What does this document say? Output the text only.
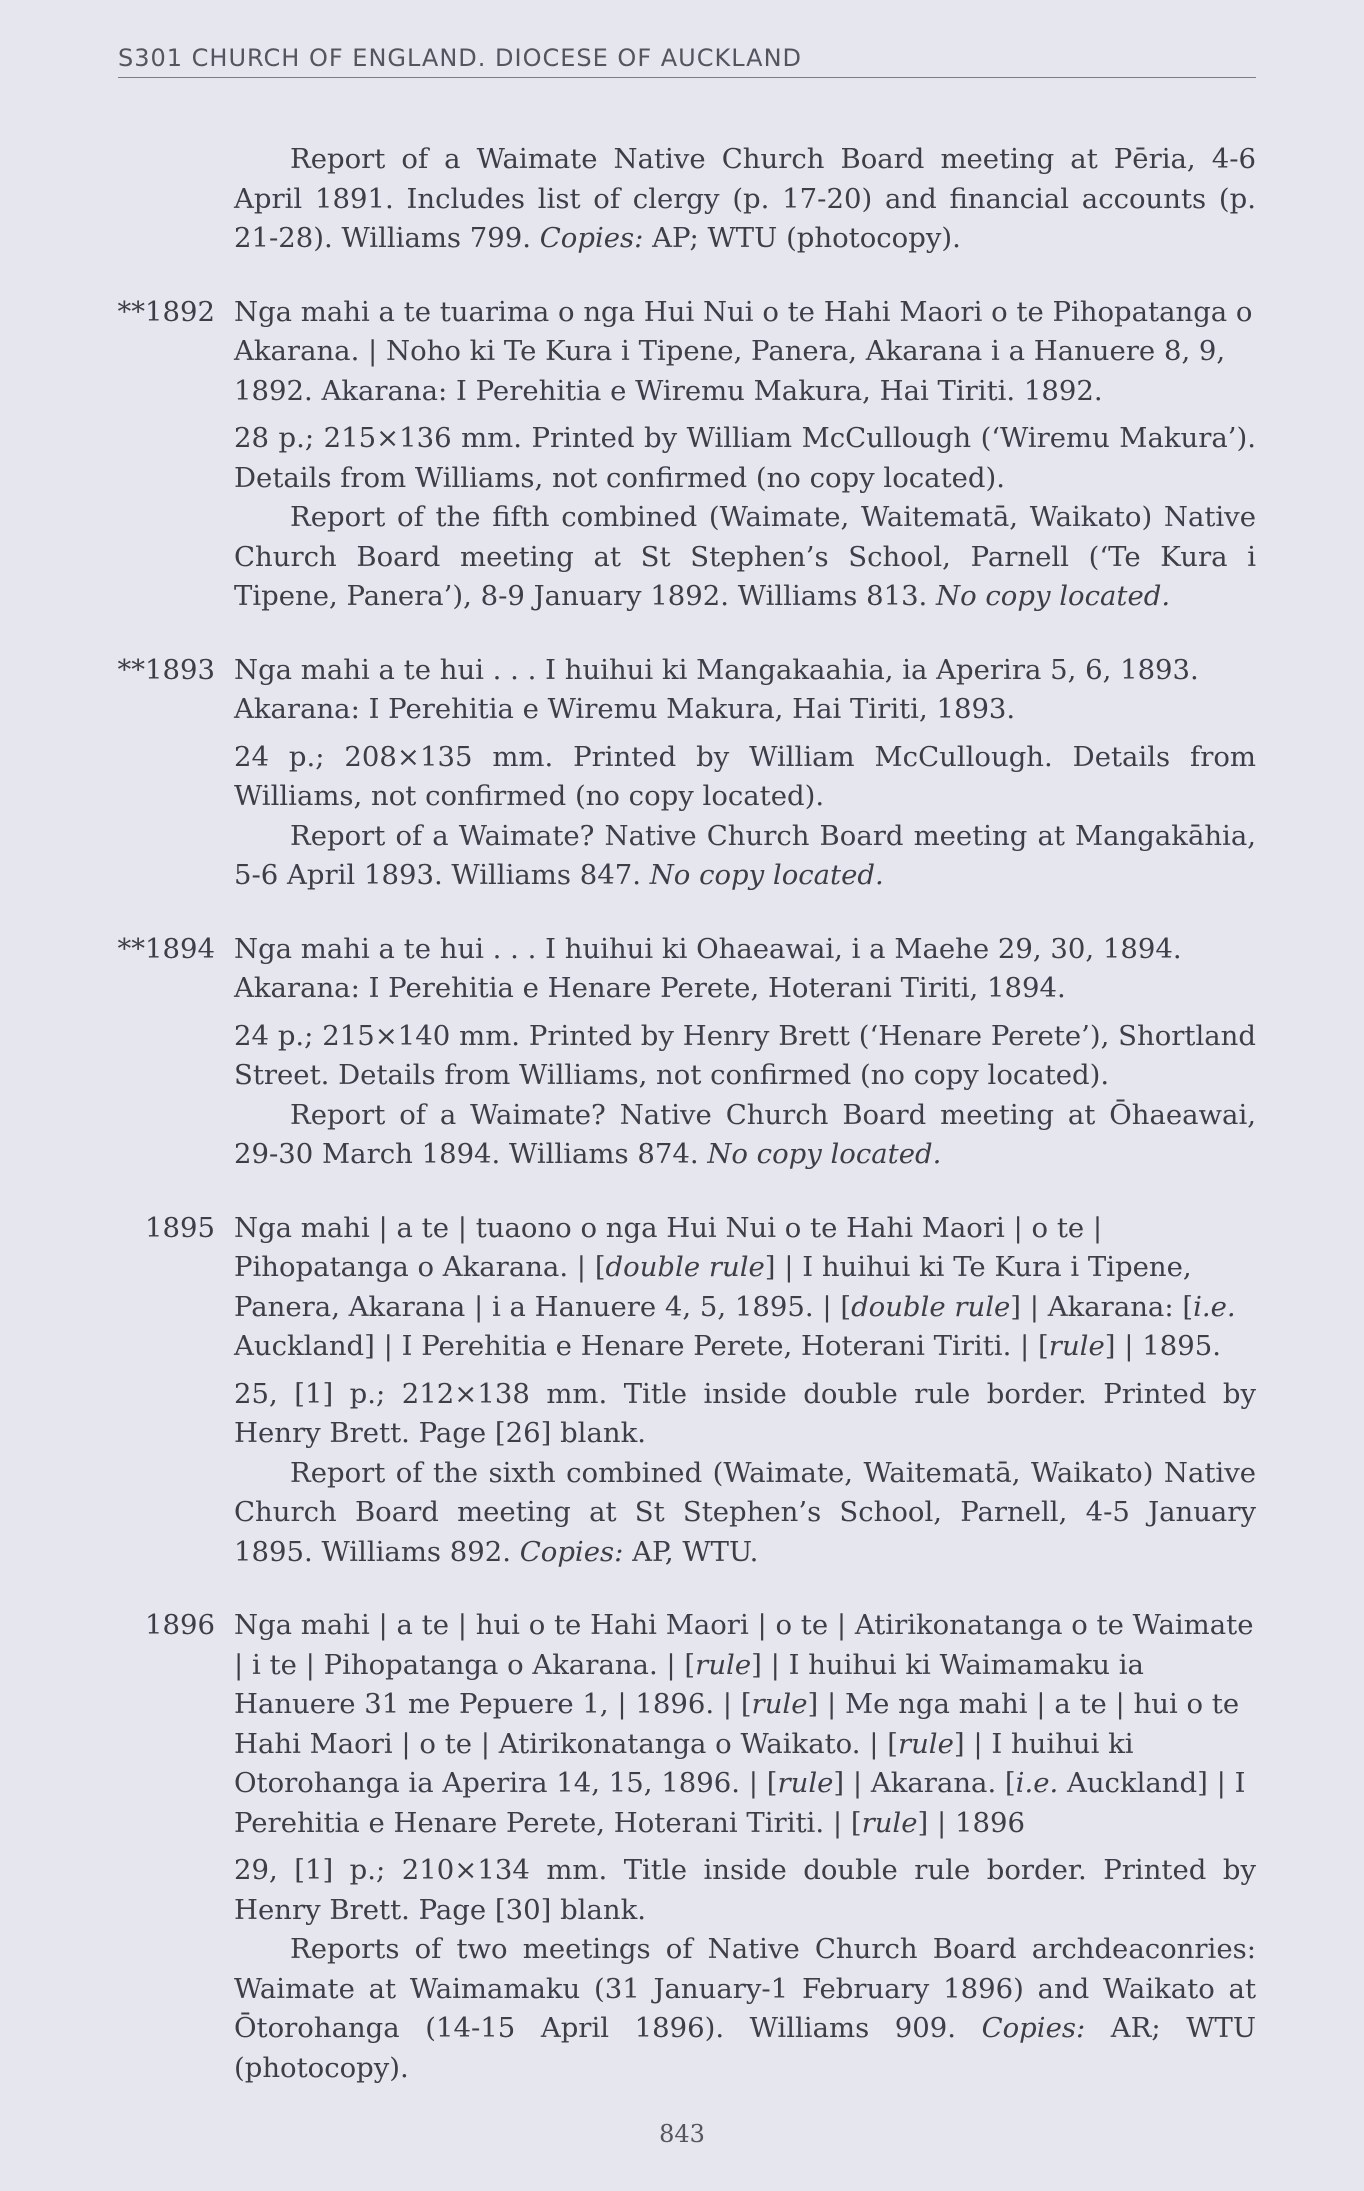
S301 CHURCH OF ENGLAND. DIOCESE OF AUCKLAND

Report of a Waimate Native Church Board meeting at Pēria, 4-6 April 1891. Includes list of clergy (p. 17-20) and financial accounts (p. 21-28). Williams 799. Copies: AP; WTU (photocopy).

**1892 Nga mahi a te tuarima o nga Hui Nui o te Hahi Maori o te Pihopatanga o Akarana. | Noho ki Te Kura i Tipene, Panera, Akarana i a Hanuere 8, 9, 1892. Akarana: I Perehitia e Wiremu Makura, Hai Tiriti. 1892.

28 p.; 215×136 mm. Printed by William McCullough (‘Wiremu Makura’). Details from Williams, not confirmed (no copy located).

Report of the fifth combined (Waimate, Waitematā, Waikato) Native Church Board meeting at St Stephen’s School, Parnell (‘Te Kura i Tipene, Panera’), 8-9 January 1892. Williams 813. No copy located.

**1893 Nga mahi a te hui . . . I huihui ki Mangakaahia, ia Aperira 5, 6, 1893. Akarana: I Perehitia e Wiremu Makura, Hai Tiriti, 1893.

24 p.; 208×135 mm. Printed by William McCullough. Details from Williams, not confirmed (no copy located).

Report of a Waimate? Native Church Board meeting at Mangakāhia, 5-6 April 1893. Williams 847. No copy located.

**1894 Nga mahi a te hui . . . I huihui ki Ohaeawai, i a Maehe 29, 30, 1894. Akarana: I Perehitia e Henare Perete, Hoterani Tiriti, 1894.

24 p.; 215×140 mm. Printed by Henry Brett (‘Henare Perete’), Shortland Street. Details from Williams, not confirmed (no copy located).

Report of a Waimate? Native Church Board meeting at Ōhaeawai, 29-30 March 1894. Williams 874. No copy located.

1895 Nga mahi | a te | tuaono o nga Hui Nui o te Hahi Maori | o te | Pihopatanga o Akarana. | [double rule] | I huihui ki Te Kura i Tipene, Panera, Akarana | i a Hanuere 4, 5, 1895. | [double rule] | Akarana: [i.e. Auckland] | I Perehitia e Henare Perete, Hoterani Tiriti. | [rule] | 1895.

25, [1] p.; 212×138 mm. Title inside double rule border. Printed by Henry Brett. Page [26] blank.

Report of the sixth combined (Waimate, Waitematā, Waikato) Native Church Board meeting at St Stephen’s School, Parnell, 4-5 January 1895. Williams 892. Copies: AP, WTU.

1896 Nga mahi | a te | hui o te Hahi Maori | o te | Atirikonatanga o te Waimate | i te | Pihopatanga o Akarana. | [rule] | I huihui ki Waimamaku ia Hanuere 31 me Pepuere 1, | 1896. | [rule] | Me nga mahi | a te | hui o te Hahi Maori | o te | Atirikonatanga o Waikato. | [rule] | I huihui ki Otorohanga ia Aperira 14, 15, 1896. | [rule] | Akarana. [i.e. Auckland] | I Perehitia e Henare Perete, Hoterani Tiriti. | [rule] | 1896

29, [1] p.; 210×134 mm. Title inside double rule border. Printed by Henry Brett. Page [30] blank.

Reports of two meetings of Native Church Board archdeaconries: Waimate at Waimamaku (31 January-1 February 1896) and Waikato at Ōtorohanga (14-15 April 1896). Williams 909. Copies: AR; WTU (photocopy).

843
